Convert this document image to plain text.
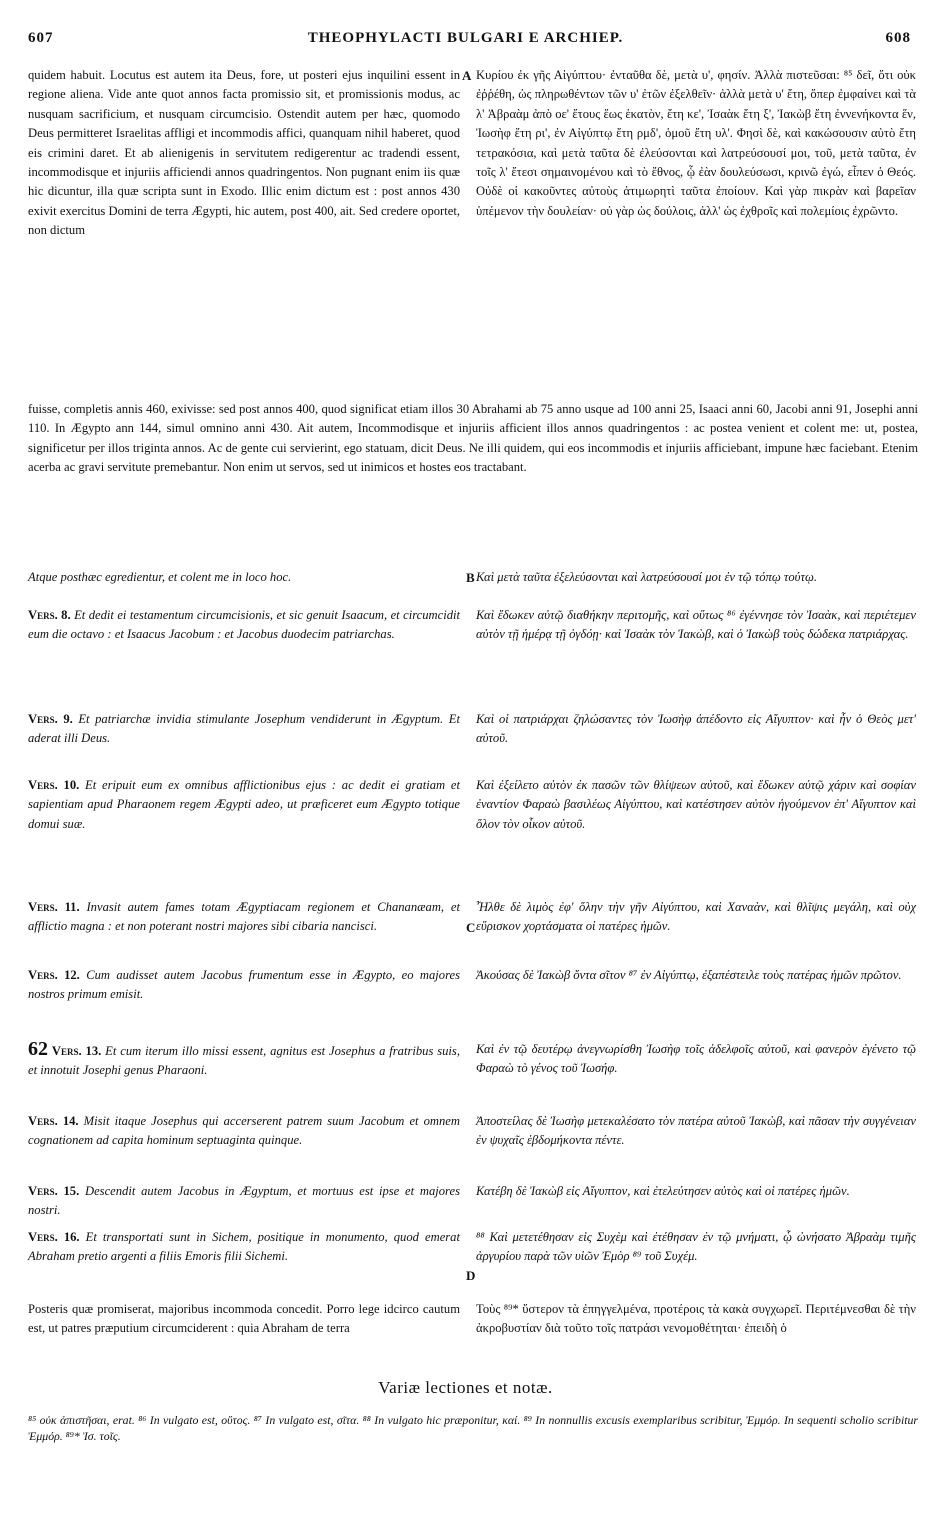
THEOPHYLACTI BULGARI E ARCHIEP.
607	608
quidem habuit. Locutus est autem ita Deus, fore, ut posteri ejus inquilini essent in regione aliena. Vide ante quot annos facta promissio sit, et promissionis modus, ac nusquam sacrificium, et nusquam circumcisio. Ostendit autem per hæc, quomodo Deus permitteret Israelitas affligi et incommodis affici, quanquam nihil haberet, quod eis crimini daret. Et ab alienigenis in servitutem redigerentur ac tradendi essent, incommodisque et injuriis afficiendi annos quadringentos. Non pugnant enim iis quæ hic dicuntur, illa quæ scripta sunt in Exodo. Illic enim dictum est : post annos 430 exivit exercitus Domini de terra Ægypti, hic autem, post 400, ait. Sed credere oportet, non dictum
Κυρίου ἐκ γῆς Αἰγύπτου· ἐνταῦθα δὲ, μετὰ υ', φησίν. Ἀλλὰ πιστεῦσαι: ⁸⁵ δεῖ, ὅτι οὐκ ἐῤῥέθη, ὡς πληρωθέντων τῶν υ' ἐτῶν ἐξελθεῖν· ἀλλὰ μετὰ υ' ἔτη, ὅπερ ἐμφαίνει καὶ τὰ λ' Ἀβραὰμ ἀπὸ οε' ἔτους ἕως ἑκατὸν, ἔτη κε', Ἰσαὰκ ἔτη ξ', Ἰακὼβ ἔτη ἐννενήκοντα ἕν, Ἰωσὴφ ἔτη ρι', ἐν Αἰγύπτῳ ἔτη ρμδ', ὁμοῦ ἔτη υλ'. Φησὶ δὲ, καὶ κακώσουσιν αὐτὸ ἔτη τετρακόσια, καὶ μετὰ ταῦτα δὲ ἐλεύσονται καὶ λατρεύσουσί μοι, τοῦ, μετὰ ταῦτα, ἐν τοῖς λ' ἔτεσι σημαινομένου καὶ τὸ ἔθνος, ᾧ ἐὰν δουλεύσωσι, κρινῶ ἐγώ, εἶπεν ὁ Θεός. Οὐδὲ οἱ κακοῦντες αὐτοὺς ἀτιμωρητὶ ταῦτα ἐποίουν. Καὶ γὰρ πικρὰν καὶ βαρεῖαν ὑπέμενον τὴν δουλείαν· οὐ γὰρ ὡς δούλοις, ἀλλ' ὡς ἐχθροῖς καὶ πολεμίοις ἐχρῶντο.
A
fuisse, completis annis 460, exivisse: sed post annos 400, quod significat etiam illos 30 Abrahami ab 75 anno usque ad 100 anni 25, Isaaci anni 60, Jacobi anni 91, Josephi anni 110. In Ægypto ann 144, simul omnino anni 430. Ait autem, Incommodisque et injuriis afficient illos annos quadringentos : ac postea venient et colent me: ut, postea, significetur per illos triginta annos. Ac de gente cui servierint, ego statuam, dicit Deus. Ne illi quidem, qui eos incommodis et injuriis afficiebant, impune hæc faciebant. Etenim acerba ac gravi servitute premebantur. Non enim ut servos, sed ut inimicos et hostes eos tractabant.
Atque posthæc egredientur, et colent me in loco hoc.	Καὶ μετὰ ταῦτα ἐξελεύσονται καὶ λατρεύσουσί μοι ἐν τῷ τόπῳ τούτῳ.
B
Vers. 8. Et dedit ei testamentum circumcisionis, et sic genuit Isaacum, et circumcidit eum die octavo : et Isaacus Jacobum : et Jacobus duodecim patriarchas.
Καὶ ἔδωκεν αὐτῷ διαθήκην περιτομῆς, καὶ οὕτως ⁸⁶ ἐγέννησε τὸν Ἰσαὰκ, καὶ περιέτεμεν αὐτὸν τῇ ἡμέρᾳ τῇ ὀγδόῃ· καὶ Ἰσαὰκ τὸν Ἰακὼβ, καὶ ὁ Ἰακὼβ τοὺς δώδεκα πατριάρχας.
Vers. 9. Et patriarchæ invidia stimulante Josephum vendiderunt in Ægyptum. Et aderat illi Deus.
Καὶ οἱ πατριάρχαι ζηλώσαντες τὸν Ἰωσὴφ ἀπέδοντο εἰς Αἴγυπτον· καὶ ἦν ὁ Θεὸς μετ' αὐτοῦ.
Vers. 10. Et eripuit eum ex omnibus afflictionibus ejus : ac dedit ei gratiam et sapientiam apud Pharaonem regem Ægypti adeo, ut præficeret eum Ægypto totique domui suæ.
Καὶ ἐξείλετο αὐτὸν ἐκ πασῶν τῶν θλίψεων αὐτοῦ, καὶ ἔδωκεν αὐτῷ χάριν καὶ σοφίαν ἐναντίον Φαραὼ βασιλέως Αἰγύπτου, καὶ κατέστησεν αὐτὸν ἡγούμενον ἐπ' Αἴγυπτον καὶ ὅλον τὸν οἶκον αὐτοῦ.
Vers. 11. Invasit autem fames totam Ægyptiacam regionem et Chananæam, et afflictio magna : et non poterant nostri majores sibi cibaria nancisci.
Ἦλθε δὲ λιμὸς ἐφ' ὅλην τὴν γῆν Αἰγύπτου, καὶ Χαναὰν, καὶ θλῖψις μεγάλη, καὶ οὐχ εὕρισκον χορτάσματα οἱ πατέρες ἡμῶν.
C
Vers. 12. Cum audisset autem Jacobus frumentum esse in Ægypto, eo majores nostros primum emisit.
Ἀκούσας δὲ Ἰακὼβ ὄντα σῖτον ⁸⁷ ἐν Αἰγύπτῳ, ἐξαπέστειλε τοὺς πατέρας ἡμῶν πρῶτον.
62 Vers. 13. Et cum iterum illo missi essent, agnitus est Josephus a fratribus suis, et innotuit Josephi genus Pharaoni.
Καὶ ἐν τῷ δευτέρῳ ἀνεγνωρίσθη Ἰωσὴφ τοῖς ἀδελφοῖς αὐτοῦ, καὶ φανερὸν ἐγένετο τῷ Φαραὼ τὸ γένος τοῦ Ἰωσήφ.
Vers. 14. Misit itaque Josephus qui accerserent patrem suum Jacobum et omnem cognationem ad capita hominum septuaginta quinque.
Ἀποστείλας δὲ Ἰωσὴφ μετεκαλέσατο τὸν πατέρα αὐτοῦ Ἰακὼβ, καὶ πᾶσαν τὴν συγγένειαν ἐν ψυχαῖς ἑβδομήκοντα πέντε.
Vers. 15. Descendit autem Jacobus in Ægyptum, et mortuus est ipse et majores nostri.
Κατέβη δὲ Ἰακὼβ εἰς Αἴγυπτον, καὶ ἐτελεύτησεν αὐτὸς καὶ οἱ πατέρες ἡμῶν.
Vers. 16. Et transportati sunt in Sichem, positique in monumento, quod emerat Abraham pretio argenti a filiis Emoris filii Sichemi.
⁸⁸ Καὶ μετετέθησαν εἰς Συχὲμ καὶ ἐτέθησαν ἐν τῷ μνήματι, ᾧ ὠνήσατο Ἀβραὰμ τιμῆς ἀργυρίου παρὰ τῶν υἱῶν Ἐμὸρ ⁸⁹ τοῦ Συχέμ.
D
Posteris quæ promiserat, majoribus incommoda concedit. Porro lege idcirco cautum est, ut patres præputium circumciderent : quia Abraham de terra
Τοὺς ⁸⁹* ὕστερον τὰ ἐπηγγελμένα, προτέροις τὰ κακὰ συγχωρεῖ. Περιτέμνεσθαι δὲ τὴν ἀκροβυστίαν διὰ τοῦτο τοῖς πατράσι νενομοθέτηται· ἐπειδὴ ὁ
Variæ lectiones et notæ.
⁸⁵ οὐκ ἀπιστῆσαι, erat. ⁸⁶ In vulgato est, οὕτος. ⁸⁷ In vulgato est, σῖτα. ⁸⁸ In vulgato hic præponitur, καί. ⁸⁹ In nonnullis excusis exemplaribus scribitur, Ἐμμόρ. In sequenti scholio scribitur Ἐμμόρ. ⁸⁹* Ἰσ. τοῖς.
